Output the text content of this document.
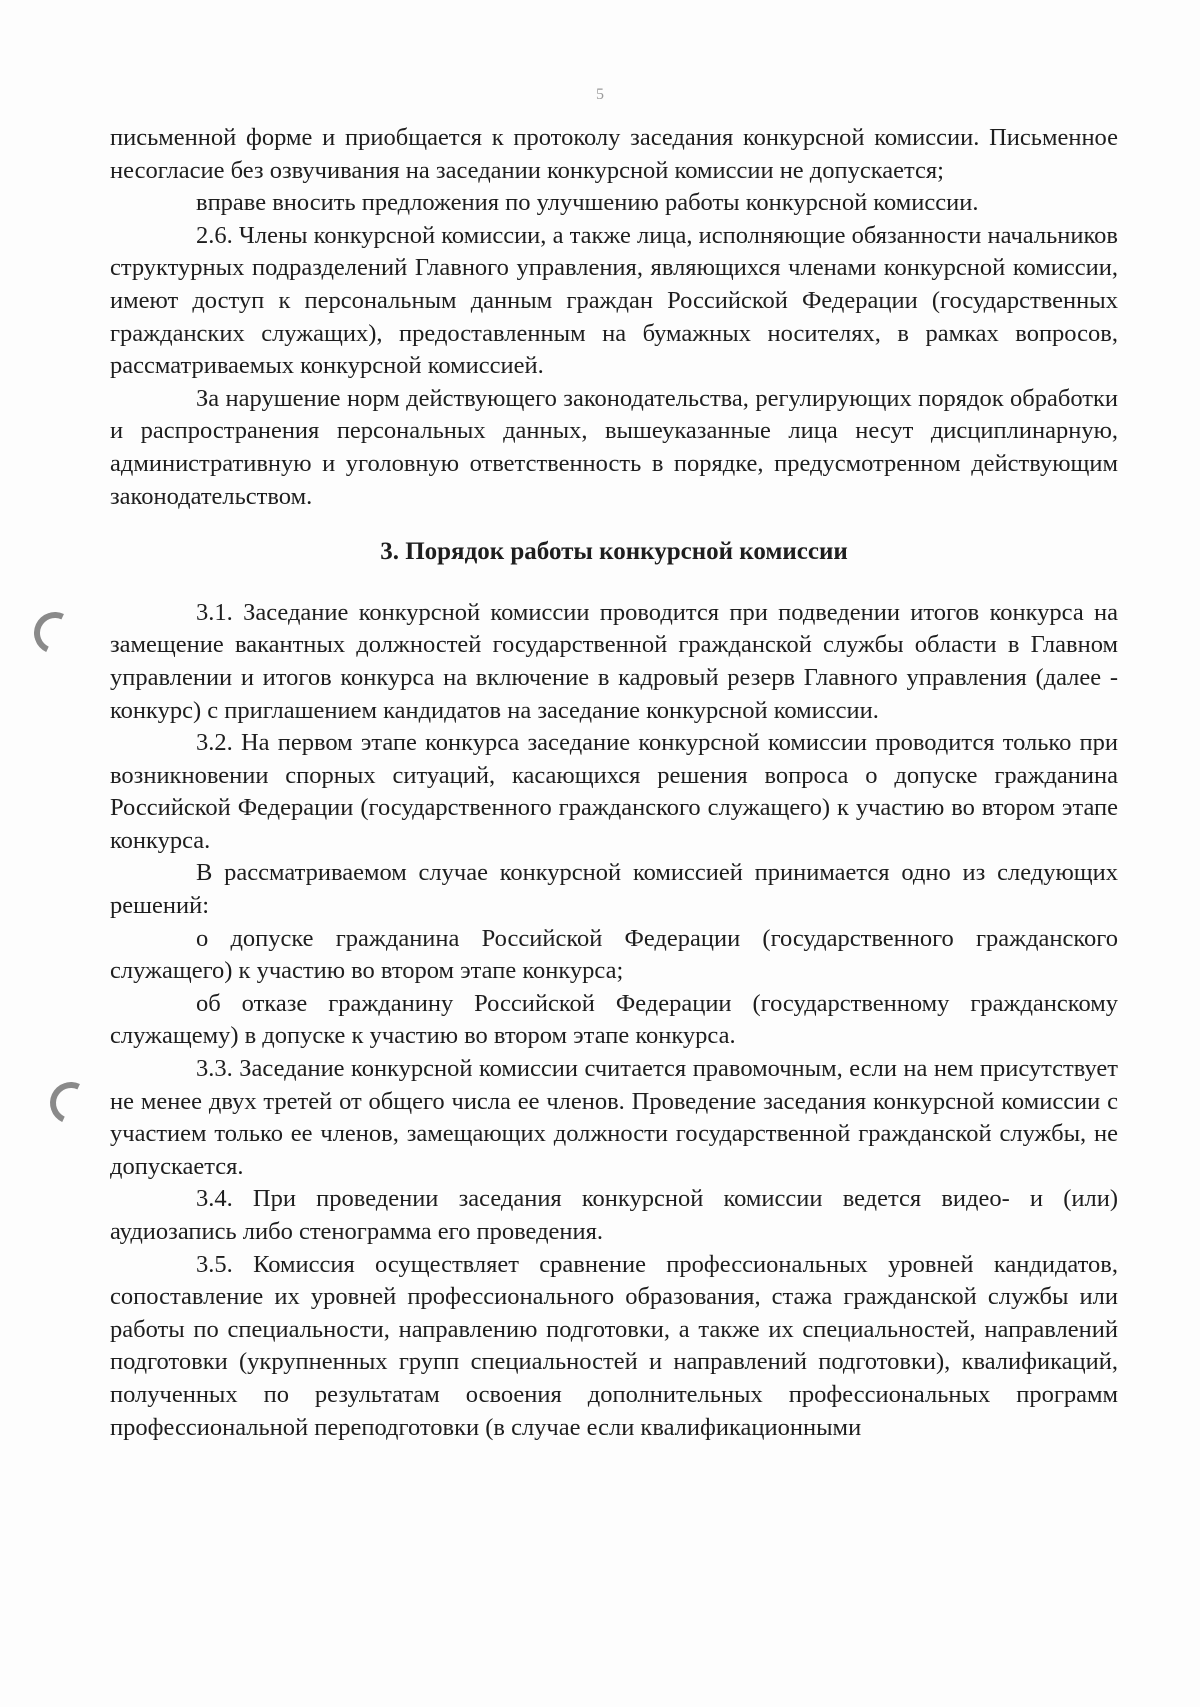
5

письменной форме и приобщается к протоколу заседания конкурсной комиссии. Письменное несогласие без озвучивания на заседании конкурсной комиссии не допускается;

вправе вносить предложения по улучшению работы конкурсной комиссии.

2.6. Члены конкурсной комиссии, а также лица, исполняющие обязанности начальников структурных подразделений Главного управления, являющихся членами конкурсной комиссии, имеют доступ к персональным данным граждан Российской Федерации (государственных гражданских служащих), предоставленным на бумажных носителях, в рамках вопросов, рассматриваемых конкурсной комиссией.

За нарушение норм действующего законодательства, регулирующих порядок обработки и распространения персональных данных, вышеуказанные лица несут дисциплинарную, административную и уголовную ответственность в порядке, предусмотренном действующим законодательством.

3. Порядок работы конкурсной комиссии

3.1. Заседание конкурсной комиссии проводится при подведении итогов конкурса на замещение вакантных должностей государственной гражданской службы области в Главном управлении и итогов конкурса на включение в кадровый резерв Главного управления (далее - конкурс) с приглашением кандидатов на заседание конкурсной комиссии.

3.2. На первом этапе конкурса заседание конкурсной комиссии проводится только при возникновении спорных ситуаций, касающихся решения вопроса о допуске гражданина Российской Федерации (государственного гражданского служащего) к участию во втором этапе конкурса.

В рассматриваемом случае конкурсной комиссией принимается одно из следующих решений:

о допуске гражданина Российской Федерации (государственного гражданского служащего) к участию во втором этапе конкурса;

об отказе гражданину Российской Федерации (государственному гражданскому служащему) в допуске к участию во втором этапе конкурса.

3.3. Заседание конкурсной комиссии считается правомочным, если на нем присутствует не менее двух третей от общего числа ее членов. Проведение заседания конкурсной комиссии с участием только ее членов, замещающих должности государственной гражданской службы, не допускается.

3.4. При проведении заседания конкурсной комиссии ведется видео- и (или) аудиозапись либо стенограмма его проведения.

3.5. Комиссия осуществляет сравнение профессиональных уровней кандидатов, сопоставление их уровней профессионального образования, стажа гражданской службы или работы по специальности, направлению подготовки, а также их специальностей, направлений подготовки (укрупненных групп специальностей и направлений подготовки), квалификаций, полученных по результатам освоения дополнительных профессиональных программ профессиональной переподготовки (в случае если квалификационными
